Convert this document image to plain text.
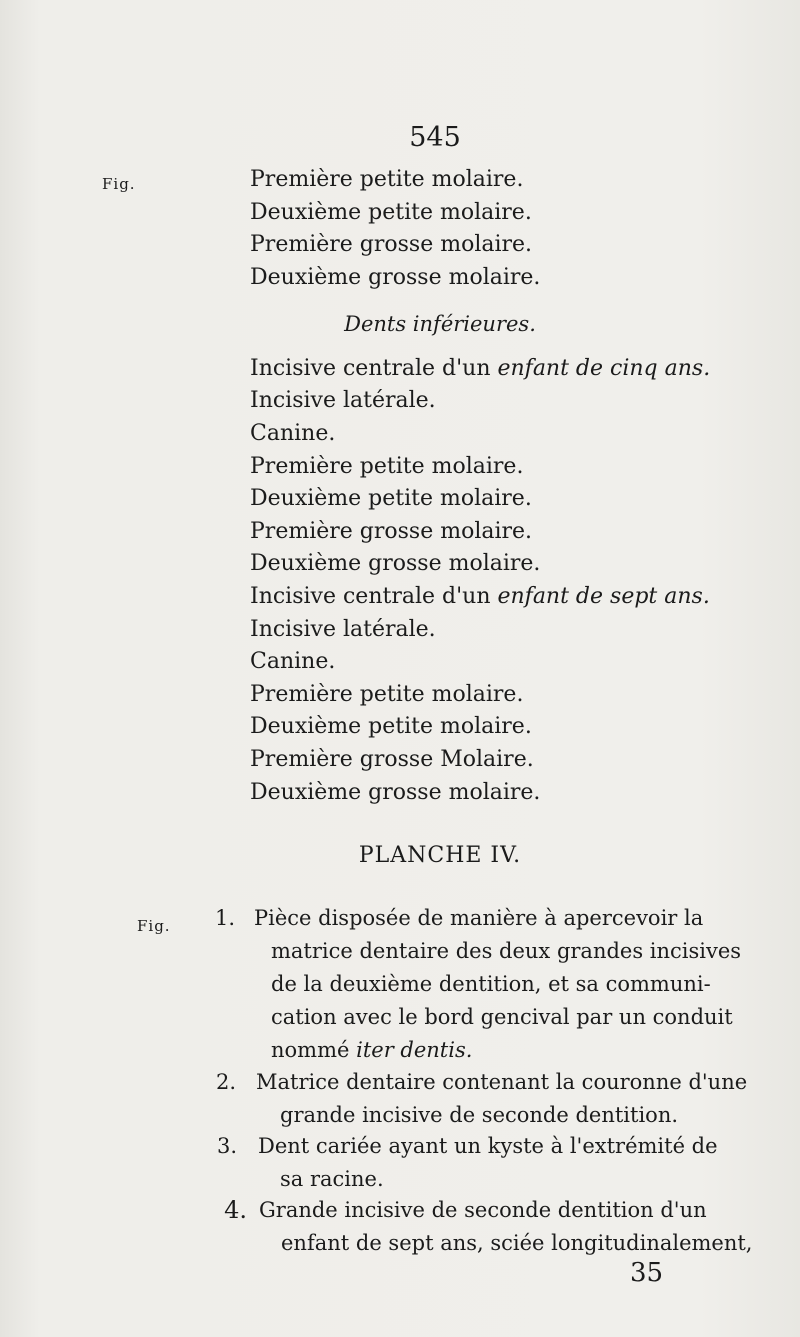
545
Fig.	Première petite molaire.
Deuxième petite molaire.
Première grosse molaire.
Deuxième grosse molaire.
Dents inférieures.
Incisive centrale d'un enfant de cinq ans.
Incisive latérale.
Canine.
Première petite molaire.
Deuxième petite molaire.
Première grosse molaire.
Deuxième grosse molaire.
Incisive centrale d'un enfant de sept ans.
Incisive latérale.
Canine.
Première petite molaire.
Deuxième petite molaire.
Première grosse Molaire.
Deuxième grosse molaire.
PLANCHE IV.
Fig.	1. Pièce disposée de manière à apercevoir la
matrice dentaire des deux grandes incisives
de la deuxième dentition, et sa communi-
cation avec le bord gencival par un conduit
nommé iter dentis.
2. Matrice dentaire contenant la couronne d'une
grande incisive de seconde dentition.
3. Dent cariée ayant un kyste à l'extrémité de
sa racine.
4. Grande incisive de seconde dentition d'un
enfant de sept ans, sciée longitudinalement,
35
